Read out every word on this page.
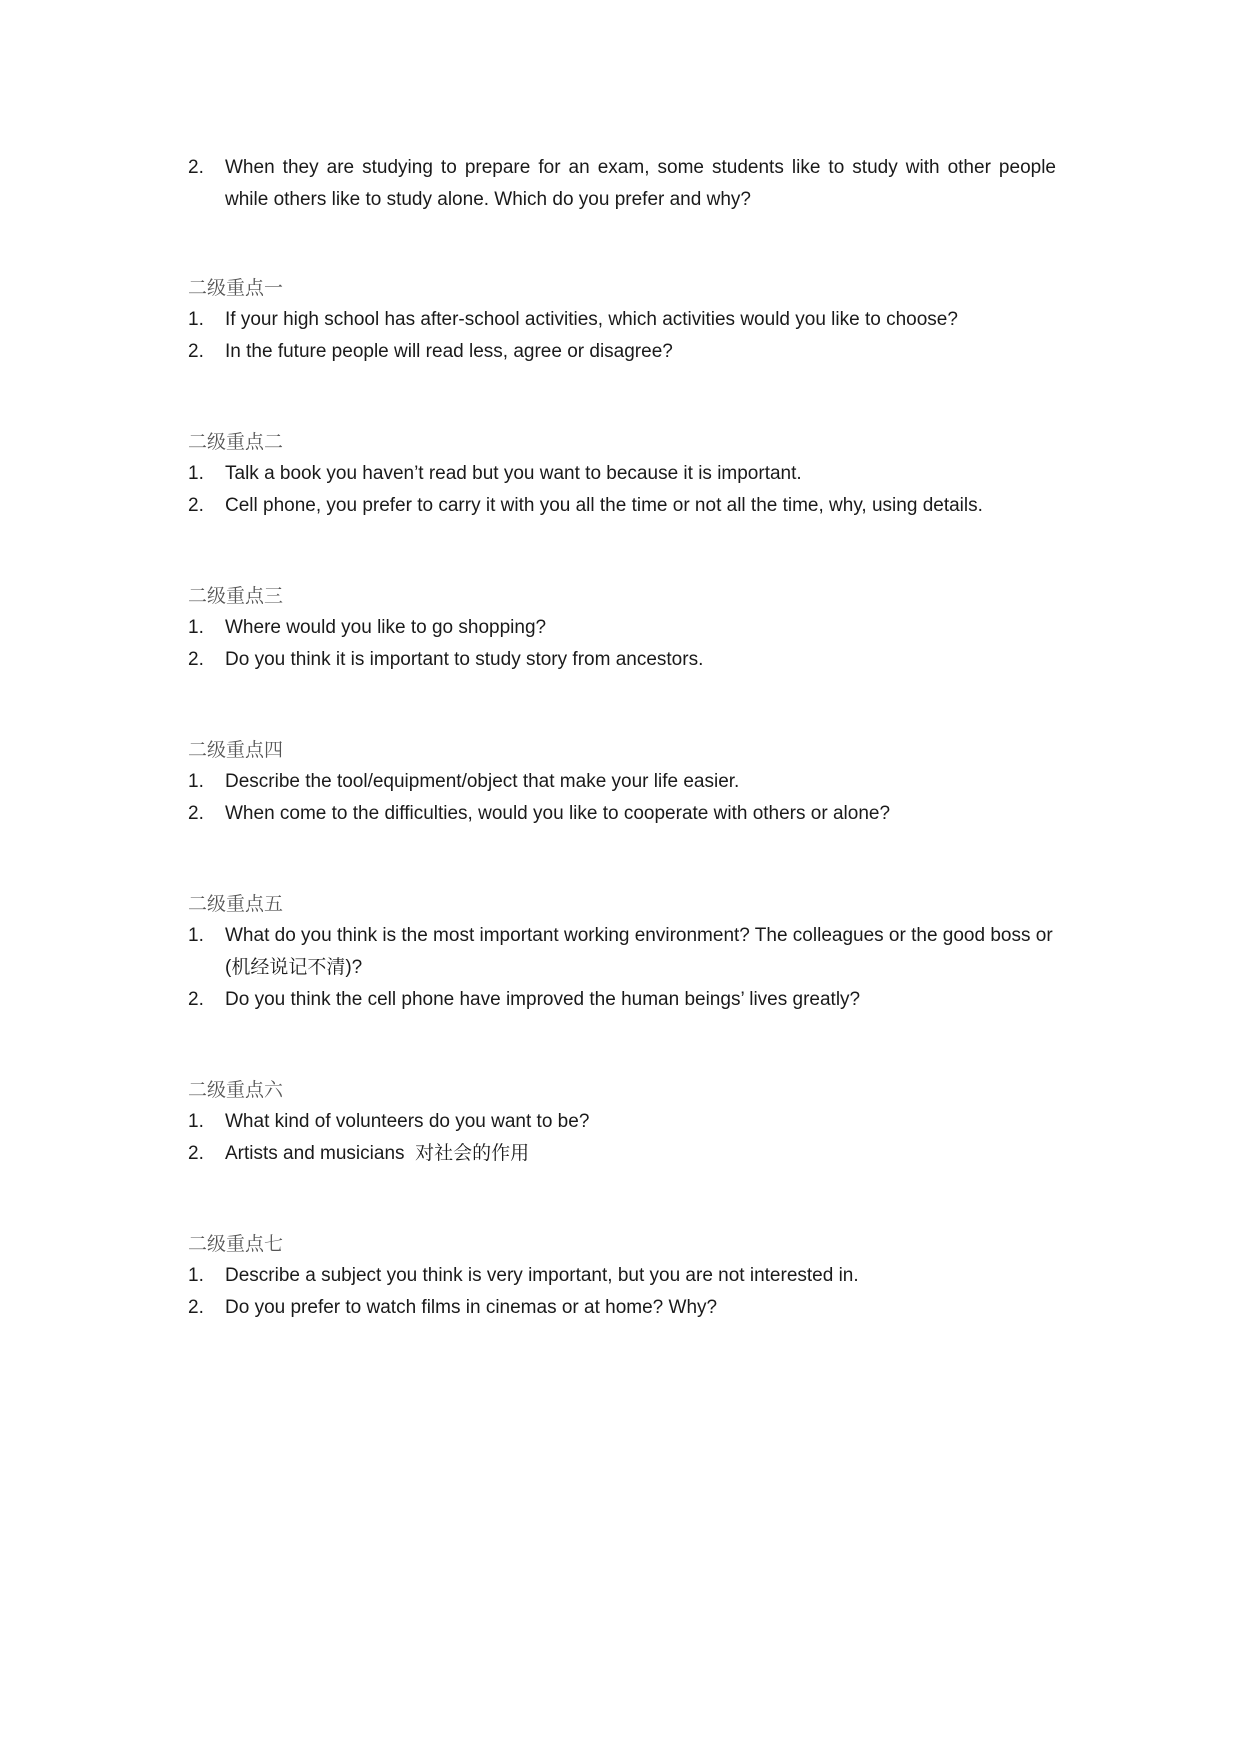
2.	When they are studying to prepare for an exam, some students like to study with other people while others like to study alone. Which do you prefer and why?
二级重点一
1.	If your high school has after-school activities, which activities would you like to choose?
2.	In the future people will read less, agree or disagree?
二级重点二
1.	Talk a book you haven’t read but you want to because it is important.
2.	Cell phone, you prefer to carry it with you all the time or not all the time, why, using details.
二级重点三
1.	Where would you like to go shopping?
2.	Do you think it is important to study story from ancestors.
二级重点四
1.	Describe the tool/equipment/object that make your life easier.
2.	When come to the difficulties, would you like to cooperate with others or alone?
二级重点五
1.	What do you think is the most important working environment? The colleagues or the good boss or (机经说记不清)?
2.	Do you think the cell phone have improved the human beings’ lives greatly?
二级重点六
1.	What kind of volunteers do you want to be?
2.	Artists and musicians  对社会的作用
二级重点七
1.	Describe a subject you think is very important, but you are not interested in.
2.	Do you prefer to watch films in cinemas or at home? Why?
